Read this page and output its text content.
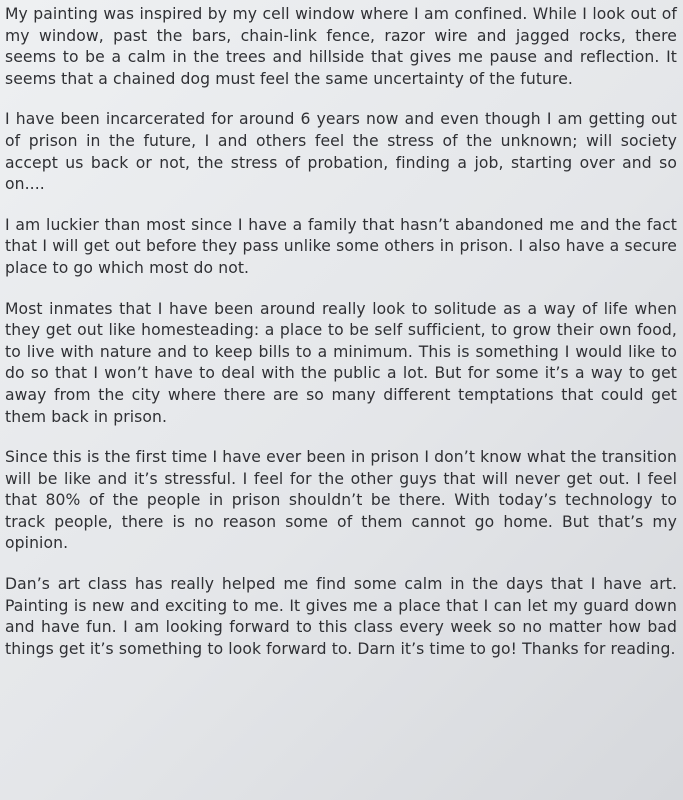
My painting was inspired by my cell window where I am confined. While I look out of my window, past the bars, chain-link fence, razor wire and jagged rocks, there seems to be a calm in the trees and hillside that gives me pause and reflection. It seems that a chained dog must feel the same uncertainty of the future.

I have been incarcerated for around 6 years now and even though I am getting out of prison in the future, I and others feel the stress of the unknown; will society accept us back or not, the stress of probation, finding a job, starting over and so on....

I am luckier than most since I have a family that hasn’t abandoned me and the fact that I will get out before they pass unlike some others in prison. I also have a secure place to go which most do not.

Most inmates that I have been around really look to solitude as a way of life when they get out like homesteading: a place to be self sufficient, to grow their own food, to live with nature and to keep bills to a minimum. This is something I would like to do so that I won’t have to deal with the public a lot. But for some it’s a way to get away from the city where there are so many different temptations that could get them back in prison.

Since this is the first time I have ever been in prison I don’t know what the transition will be like and it’s stressful. I feel for the other guys that will never get out. I feel that 80% of the people in prison shouldn’t be there. With today’s technology to track people, there is no reason some of them cannot go home. But that’s my opinion.

Dan’s art class has really helped me find some calm in the days that I have art. Painting is new and exciting to me. It gives me a place that I can let my guard down and have fun. I am looking forward to this class every week so no matter how bad things get it’s something to look forward to. Darn it’s time to go! Thanks for reading.
